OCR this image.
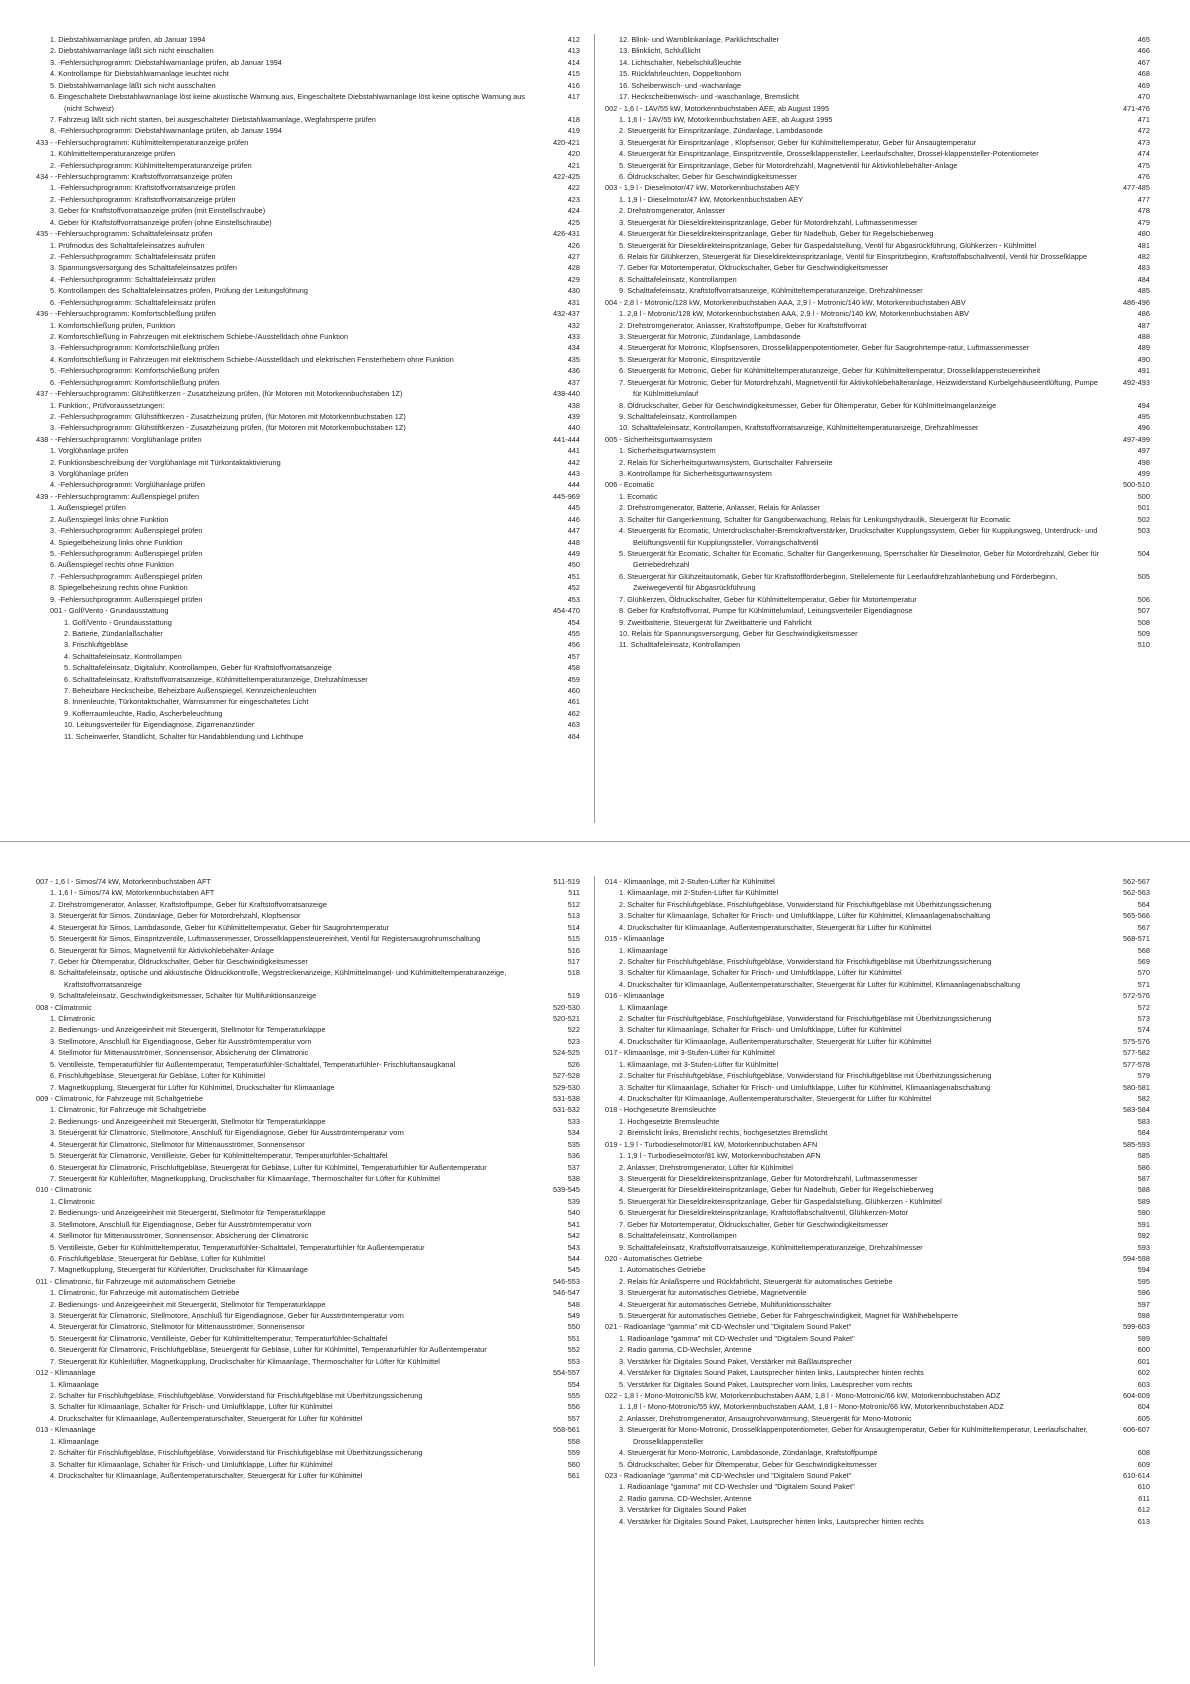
1. Diebstahlwarnanlage prüfen, ab Januar 1994	412
2. Diebstahlwarnanlage läßt sich nicht einschalten	413
3. -Fehlersuchprogramm: Diebstahlwarnanlage prüfen, ab Januar 1994	414
4. Kontrollampe für Diebstahlwarnanlage leuchtet nicht	415
5. Diebstahlwarnanlage läßt sich nicht ausschalten	416
6. Eingeschaltete Diebstahlwarnanlage löst keine akustische Warnung aus, Eingeschaltete Diebstahlwarnanlage löst keine optische Warnung aus (nicht Schweiz)
417
7. Fahrzeug läßt sich nicht starten, bei ausgeschalteter Diebstahlwarnanlage, Wegfahrsperre prüfen	418
8. -Fehlersuchprogramm: Diebstahlwarnanlage prüfen, ab Januar 1994	419
433 - -Fehlersuchprogramm: Kühlmitteltemperaturanzeige prüfen	420-421
1. Kühlmitteltemperaturanzeige prüfen	420
2. -Fehlersuchprogramm: Kühlmitteltemperaturanzeige prüfen	421
434 - -Fehlersuchprogramm: Kraftstoffvorratsanzeige prüfen	422-425
1. -Fehlersuchprogramm: Kraftstoffvorratsanzeige prüfen	422
2. -Fehlersuchprogramm: Kraftstoffvorratsanzeige prüfen	423
3. Geber für Kraftstoffvorratsanzeige prüfen (mit Einstellschraube)	424
4. Geber für Kraftstoffvorratsanzeige prüfen (ohne Einstellschraube)	425
435 - -Fehlersuchprogramm: Schalttafeleinsatz prüfen	426-431
1. Prüfmodus des Schalttafeleinsatzes aufrufen	426
2. -Fehlersuchprogramm: Schalttafeleinsatz prüfen	427
3. Spannungsversorgung des Schalttafeleinsatzes prüfen	428
4. -Fehlersuchprogramm: Schalttafeleinsatz prüfen	429
5. Kontrollampen des Schalttafeleinsatzes prüfen, Prüfung der Leitungsführung	430
6. -Fehlersuchprogramm: Schalttafeleinsatz prüfen	431
436 - -Fehlersuchprogramm: Komfortschließung prüfen	432-437
1. Komfortschließung prüfen, Funktion	432
2. Komfortschließung in Fahrzeugen mit elektrischem Schiebe-/Ausstelldach ohne Funktion	433
3. -Fehlersuchprogramm: Komfortschließung prüfen	434
4. Komfortschließung in Fahrzeugen mit elektrischem Schiebe-/Ausstelldach und elektrischen Fensterhebern ohne Funktion	435
5. -Fehlersuchprogramm: Komfortschließung prüfen	436
6. -Fehlersuchprogramm: Komfortschließung prüfen	437
437 - -Fehlersuchprogramm: Glühstiftkerzen - Zusatzheizung prüfen, (für Motoren mit Motorkennbuchstaben 1Z)	438-440
1. Funktion:, Prüfvoraussetzungen:	438
2. -Fehlersuchprogramm: Glühstiftkerzen - Zusatzheizung prüfen, (für Motoren mit Motorkennbuchstaben 1Z)	439
3. -Fehlersuchprogramm: Glühstiftkerzen - Zusatzheizung prüfen, (für Motoren mit Motorkennbuchstaben 1Z)	440
438 - -Fehlersuchprogramm: Vorglühanlage prüfen	441-444
1. Vorglühanlage prüfen	441
2. Funktionsbeschreibung der Vorglühanlage mit Türkontaktaktivierung	442
3. Vorglühanlage prüfen	443
4. -Fehlersuchprogramm: Vorglühanlage prüfen	444
439 - -Fehlersuchprogramm: Außenspiegel prüfen	445-969
1. Außenspiegel prüfen	445
2. Außenspiegel links ohne Funktion	446
3. -Fehlersuchprogramm: Außenspiegel prüfen	447
4. Spiegelbeheizung links ohne Funktion	448
5. -Fehlersuchprogramm: Außenspiegel prüfen	449
6. Außenspiegel rechts ohne Funktion	450
7. -Fehlersuchprogramm: Außenspiegel prüfen	451
8. Spiegelbeheizung rechts ohne Funktion	452
9. -Fehlersuchprogramm: Außenspiegel prüfen	453
001 - Golf/Vento - Grundausstattung	454-470
1. Golf/Vento - Grundausstattung	454
2. Batterie, Zündanlaßschalter	455
3. Frischluftgebläse	456
4. Schalttafeleinsatz, Kontrollampen	457
5. Schalttafeleinsatz, Digitaluhr, Kontrollampen, Geber für Kraftstoffvorratsanzeige	458
6. Schalttafeleinsatz, Kraftstoffvorratsanzeige, Kühlmitteltemperaturanzeige, Drehzahlmesser	459
7. Beheizbare Heckscheibe, Beheizbare Außenspiegel, Kennzeichenleuchten	460
8. Innenleuchte, Türkontaktschalter, Warnsummer für eingeschaltetes Licht	461
9. Kofferraumleuchte, Radio, Ascherbeleuchtung	462
10. Leitungsverteiler für Eigendiagnose, Zigarrenanzünder	463
11. Scheinwerfer, Standlicht, Schalter für Handabblendung und Lichthupe	464
12. Blink- und Warnblinkanlage, Parklichtschalter	465
13. Blinklicht, Schlußlicht	466
14. Lichtschalter, Nebelschlußleuchte	467
15. Rückfahrleuchten, Doppeltonhorn	468
16. Scheibenwisch- und -wachanlage	469
17. Heckscheibenwisch- und -waschanlage, Bremslicht	470
002 - 1,6 l - 1AV/55 kW, Motorkennbuchstaben AEE, ab August 1995	471-476
1. 1,6 l - 1AV/55 kW, Motorkennbuchstaben AEE, ab August 1995	471
2. Steuergerät für Einspritzanlage, Zündanlage, Lambdasonde	472
3. Steuergerät für Einspritzanlage , Klopfsensor, Geber für Kühlmitteltemperatur, Geber für Ansaugtemperatur	473
4. Steuergerät für Einspritzanlage, Einspritzventile, Drosselklappensteller, Leerlaufschalter, Drossel-klappensteller-Potentiometer	474
5. Steuergerät für Einspritzanlage, Geber für Motordrehzahl, Magnetventil für Aktivkohlebehälter-Anlage	475
6. Öldruckschalter, Geber für Geschwindigkeitsmesser	476
003 - 1,9 l - Dieselmotor/47 kW, Motorkennbuchstaben AEY	477-485
1. 1,9 l - Dieselmotor/47 kW, Motorkennbuchstaben AEY	477
2. Drehstromgenerator, Anlasser	478
3. Steuergerät für Dieseldirekteinspritzanlage, Geber für Motordrehzahl, Luftmassenmesser	479
4. Steuergerät für Dieseldirekteinspritzanlage, Geber für Nadelhub, Geber für Regelschieberweg	480
5. Steuergerät für Dieseldirekteinspritzanlage, Geber für Gaspedalstellung, Ventil für Abgasrückführung, Glühkerzen - Kühlmittel	481
6. Relais für Glühkerzen, Steuergerät für Dieseldirekteinspritzanlage, Ventil für Einspritzbeginn, Kraftstoffabschaltventil, Ventil für Drosselklappe	482
7. Geber für Motortemperatur, Öldruckschalter, Geber für Geschwindigkeitsmesser	483
8. Schalttafeleinsatz, Kontrollampen	484
9. Schalttafeleinsatz, Kraftstoffvorratsanzeige, Kühlmitteltemperaturanzeige, Drehzahlmesser	485
004 - 2,8 l - Motronic/128 kW, Motorkennbuchstaben AAA, 2,9 l - Motronic/140 kW, Motorkennbuchstaben ABV	486-496
1. 2,8 l - Motronic/128 kW, Motorkennbuchstaben AAA, 2,9 l - Motronic/140 kW, Motorkennbuchstaben ABV	486
2. Drehstromgenerator, Anlasser, Kraftstoffpumpe, Geber für Kraftstoffvorrat	487
3. Steuergerät für Motronic, Zündanlage, Lambdasonde	488
4. Steuergerät für Motronic, Klopfsensoren, Drosselklappenpotentiometer, Geber für Saugrohrtempe-ratur, Luftmassenmesser	489
5. Steuergerät für Motronic, Einspritzventile	490
6. Steuergerät für Motronic, Geber für Kühlmitteltemperaturanzeige, Geber für Kühlmitteltemperatur, Drosselklappensteuereinheit	491
7. Steuergerät für Motronic, Geber für Motordrehzahl, Magnetventil für Aktivkohlebehälteranlage, Heizwiderstand Kurbelgehäuseentlüftung, Pumpe für Kühlmittelumlauf
492-493
8. Öldruckschalter, Geber für Geschwindigkeitsmesser, Geber für Öltemperatur, Geber für Kühlmittelmangelanzeige	494
9. Schalttafeleinsatz, Kontrollampen	495
10. Schalttafeleinsatz, Kontrollampen, Kraftstoffvorratsanzeige, Kühlmitteltemperaturanzeige, Drehzahlmesser	496
005 - Sicherheitsgurtwarnsystem	497-499
1. Sicherheitsgurtwarnsystem	497
2. Relais für Sicherheitsgurtwarnsystem, Gurtschalter Fahrerseite	498
3. Kontrollampe für Sicherheitsgurtwarnsystem	499
006 - Ecomatic	500-510
1. Ecomatic	500
2. Drehstromgenerator, Batterie, Anlasser, Relais für Anlasser	501
3. Schalter für Gangerkennung, Schalter für Gangüberwachung, Relais für Lenkungshydraulik, Steuergerät für Ecomatic	502
4. Steuergerät für Ecomatic, Unterdruckschalter-Bremskraftverstärker, Druckschalter Kupplungssystem, Geber für Kupplungsweg, Unterdruck- und Belüftungsventil für Kupplungssteller, Vorrangschaltventil
503
5. Steuergerät für Ecomatic, Schalter für Ecomatic, Schalter für Gangerkennung, Sperrschalter für Dieselmotor, Geber für Motordrehzahl, Geber für Getriebedrehzahl
504
6. Steuergerät für Glühzeitautomatik, Geber für Kraftstoffförderbeginn, Stellelemente für Leerlaufdrehzahlanhebung und Förderbeginn, Zweiwegeventil für Abgasrückführung
505
7. Glühkerzen, Öldruckschalter, Geber für Kühlmitteltemperatur, Geber für Motortemperatur	506
8. Geber für Kraftstoffvorrat, Pumpe für Kühlmittelumlauf, Leitungsverteiler Eigendiagnose	507
9. Zweitbatterie, Steuergerät für Zweitbatterie und Fahrlicht	508
10. Relais für Spannungsversorgung, Geber für Geschwindigkeitsmesser	509
11. Schalttafeleinsatz, Kontrollampen	510
007 - 1,6 l - Simos/74 kW, Motorkennbuchstaben AFT	511-519
1. 1,6 l - Simos/74 kW, Motorkennbuchstaben AFT	511
2. Drehstromgenerator, Anlasser, Kraftstoffpumpe, Geber für Kraftstoffvorratsanzeige	512
3. Steuergerät für Simos, Zündanlage, Geber für Motordrehzahl, Klopfsensor	513
4. Steuergerät für Simos, Lambdasonde, Geber für Kühlmitteltemperatur, Geber für Saugrohrtemperatur	514
5. Steuergerät für Simos, Einspritzventile, Luftmassenmesser, Drosselklappensteuereinheit, Ventil für Registersaugrohrumschaltung	515
6. Steuergerät für Simos, Magnetventil für Aktivkohlebehälter-Anlage	516
7. Geber für Öltemperatur, Öldruckschalter, Geber für Geschwindigkeitsmesser	517
8. Schalttafeleinsatz, optische und akkustische Öldruckkontrolle, Wegstreckenanzeige, Kühlmittelmangel- und Kühlmitteltemperaturanzeige, Kraftstoffvorratsanzeige
518
9. Schalttafeleinsatz, Geschwindigkeitsmesser, Schalter für Multifunktionsanzeige	519
008 - Climatronic	520-530
1. Climatronic	520-521
2. Bedienungs- und Anzeigeeinheit mit Steuergerät, Stellmotor für Temperaturklappe	522
3. Stellmotore, Anschluß für Eigendiagnose, Geber für Ausströmtemperatur vorn	523
4. Stellmotor für Mittenausströmer, Sonnensensor, Absicherung der Climatronic	524-525
5. Ventilleiste, Temperaturfühler für Außentemperatur, Temperaturfühler-Schalttafel, Temperaturfühler- Frischluftansaugkanal	526
6. Frischluftgebläse, Steuergerät für Gebläse, Lüfter für Kühlmittel	527-528
7. Magnetkupplung, Steuergerät für Lüfter für Kühlmittel, Druckschalter für Klimaanlage	529-530
009 - Climatronic, für Fahrzeuge mit Schaltgetriebe	531-538
1. Climatronic, für Fahrzeuge mit Schaltgetriebe	531-532
2. Bedienungs- und Anzeigeeinheit mit Steuergerät, Stellmotor für Temperaturklappe	533
3. Steuergerät für Climatronic, Stellmotore, Anschluß für Eigendiagnose, Geber für Ausströmtemperatur vorn	534
4. Steuergerät für Climatronic, Stellmotor für Mittenausströmer, Sonnensensor	535
5. Steuergerät für Climatronic, Ventilleiste, Geber für Kühlmitteltemperatur, Temperaturfühler-Schalttafel	536
6. Steuergerät für Climatronic, Frischluftgebläse, Steuergerät für Gebläse, Lüfter für Kühlmittel, Temperaturfühler für Außentemperatur	537
7. Steuergerät für Kühlerlüfter, Magnetkupplung, Druckschalter für Klimaanlage, Thermoschalter für Lüfter für Kühlmittel	538
010 - Climatronic	539-545
1. Climatronic	539
2. Bedienungs- und Anzeigeeinheit mit Steuergerät, Stellmotor für Temperaturklappe	540
3. Stellmotore, Anschluß für Eigendiagnose, Geber für Ausströmtemperatur vorn	541
4. Stellmotor für Mittenausströmer, Sonnensensor, Absicherung der Climatronic	542
5. Ventilleiste, Geber für Kühlmitteltemperatur, Temperaturfühler-Schalttafel, Temperaturfühler für Außentemperatur	543
6. Frischluftgebläse, Steuergerät für Gebläse, Lüfter für Kühlmittel	544
7. Magnetkupplung, Steuergerät für Kühlerlüfter, Druckschalter für Klimaanlage	545
011 - Climatronic, für Fahrzeuge mit automatischem Getriebe	546-553
1. Climatronic, für Fahrzeuge mit automatischem Getriebe	546-547
2. Bedienungs- und Anzeigeeinheit mit Steuergerät, Stellmotor für Temperaturklappe	548
3. Steuergerät für Climatronic, Stellmotore, Anschluß für Eigendiagnose, Geber für Ausströmtemperatur vorn	549
4. Steuergerät für Climatronic, Stellmotor für Mittenausströmer, Sonnensensor	550
5. Steuergerät für Climatronic, Ventilleiste, Geber für Kühlmitteltemperatur, Temperaturfühler-Schalttafel	551
6. Steuergerät für Climatronic, Frischluftgebläse, Steuergerät für Gebläse, Lüfter für Kühlmittel, Temperaturfühler für Außentemperatur	552
7. Steuergerät für Kühlerlüfter, Magnetkupplung, Druckschalter für Klimaanlage, Thermoschalter für Lüfter für Kühlmittel	553
012 - Klimaanlage	554-557
1. Klimaanlage	554
2. Schalter für Frischluftgebläse, Frischluftgebläse, Vorwiderstand für Frischluftgebläse mit Überhitzungssicherung	555
3. Schalter für Klimaanlage, Schalter für Frisch- und Umluftklappe, Lüfter für Kühlmittel	556
4. Druckschalter für Klimaanlage, Außentemperaturschalter, Steuergerät für Lüfter für Kühlmittel	557
013 - Klimaanlage	558-561
1. Klimaanlage	558
2. Schalter für Frischluftgebläse, Frischluftgebläse, Vorwiderstand für Frischluftgebläse mit Überhitzungssicherung	559
3. Schalter für Klimaanlage, Schalter für Frisch- und Umluftklappe, Lüfter für Kühlmittel	560
4. Druckschalter für Klimaanlage, Außentemperaturschalter, Steuergerät für Lüfter für Kühlmittel	561
014 - Klimaanlage, mit 2-Stufen-Lüfter für Kühlmittel	562-567
1. Klimaanlage, mit 2-Stufen-Lüfter für Kühlmittel	562-563
2. Schalter für Frischluftgebläse, Frischluftgebläse, Vorwiderstand für Frischluftgebläse mit Überhitzungssicherung	564
3. Schalter für Klimaanlage, Schalter für Frisch- und Umluftklappe, Lüfter für Kühlmittel, Klimaanlagenabschaltung	565-566
4. Druckschalter für Klimaanlage, Außentemperaturschalter, Steuergerät für Lüfter für Kühlmittel	567
015 - Klimaanlage	568-571
1. Klimaanlage	568
2. Schalter für Frischluftgebläse, Frischluftgebläse, Vorwiderstand für Frischluftgebläse mit Überhitzungssicherung	569
3. Schalter für Klimaanlage, Schalter für Frisch- und Umluftklappe, Lüfter für Kühlmittel	570
4. Druckschalter für Klimaanlage, Außentemperaturschalter, Steuergerät für Lüfter für Kühlmittel, Klimaanlagenabschaltung	571
016 - Klimaanlage	572-576
1. Klimaanlage	572
2. Schalter für Frischluftgebläse, Frischluftgebläse, Vorwiderstand für Frischluftgebläse mit Überhitzungssicherung	573
3. Schalter für Klimaanlage, Schalter für Frisch- und Umluftklappe, Lüfter für Kühlmittel	574
4. Druckschalter für Klimaanlage, Außentemperaturschalter, Steuergerät für Lüfter für Kühlmittel	575-576
017 - Klimaanlage, mit 3-Stufen-Lüfter für Kühlmittel	577-582
1. Klimaanlage, mit 3-Stufen-Lüfter für Kühlmittel	577-578
2. Schalter für Frischluftgebläse, Frischluftgebläse, Vorwiderstand für Frischluftgebläse mit Überhitzungssicherung	579
3. Schalter für Klimaanlage, Schalter für Frisch- und Umluftklappe, Lüfter für Kühlmittel, Klimaanlagenabschaltung	580-581
4. Druckschalter für Klimaanlage, Außentemperaturschalter, Steuergerät für Lüfter für Kühlmittel	582
018 - Hochgesetzte Bremsleuchte	583-584
1. Hochgesetzte Bremsleuchte	583
2. Bremslicht links, Bremslicht rechts, hochgesetztes Bremslicht	584
019 - 1,9 l - Turbodieselmotor/81 kW, Motorkennbuchstaben AFN	585-593
1. 1,9 l - Turbodieselmotor/81 kW, Motorkennbuchstaben AFN	585
2. Anlasser, Drehstromgenerator, Lüfter für Kühlmittel	586
3. Steuergerät für Dieseldirekteinspritzanlage, Geber für Motordrehzahl, Luftmassenmesser	587
4. Steuergerät für Dieseldirekteinspritzanlage, Geber für Nadelhub, Geber für Regelschieberweg	588
5. Steuergerät für Dieseldirekteinspritzanlage, Geber für Gaspedalstellung, Glühkerzen - Kühlmittel	589
6. Steuergerät für Dieseldirekteinspritzanlage, Kraftstoffabschaltventil, Glühkerzen-Motor	590
7. Geber für Motortemperatur, Öldruckschalter, Geber für Geschwindigkeitsmesser	591
8. Schalttafeleinsatz, Kontrollampen	592
9. Schalttafeleinsatz, Kraftstoffvorratsanzeige, Kühlmitteltemperaturanzeige, Drehzahlmesser	593
020 - Automatisches Getriebe	594-598
1. Automatisches Getriebe	594
2. Relais für Anlaßsperre und Rückfahrlicht, Steuergerät für automatisches Getriebe	595
3. Steuergerät für automatisches Getriebe, Magnetventile	596
4. Steuergerät für automatisches Getriebe, Multifunktionsschalter	597
5. Steuergerät für automatisches Getriebe, Geber für Fahrgeschwindigkeit, Magnet für Wählhebelsperre	598
021 - Radioanlage "gamma" mit CD-Wechsler und "Digitalem Sound Paket"	599-603
1. Radioanlage "gamma" mit CD-Wechsler und "Digitalem Sound Paket"	599
2. Radio gamma, CD-Wechsler, Antenne	600
3. Verstärker für Digitales Sound Paket, Verstärker mit Baßlautsprecher	601
4. Verstärker für Digitales Sound Paket, Lautsprecher hinten links, Lautsprecher hinten rechts	602
5. Verstärker für Digitales Sound Paket, Lautsprecher vorn links, Lautsprecher vorn rechts	603
022 - 1,8 l - Mono-Motronic/55 kW, Motorkennbuchstaben AAM, 1,8 l - Mono-Motronic/66 kW, Motorkennbuchstaben ADZ	604-609
1. 1,8 l - Mono-Motronic/55 kW, Motorkennbuchstaben AAM, 1,8 l - Mono-Motronic/66 kW, Motorkennbuchstaben ADZ	604
2. Anlasser, Drehstromgenerator, Ansaugrohrvorwärmung, Steuergerät für Mono-Motronic	605
3. Steuergerät für Mono-Motronic, Drosselklappenpotentiometer, Geber für Ansaugtemperatur, Geber für Kühlmitteltemperatur, Leerlaufschalter, Drosselklappensteller
606-607
4. Steuergerät für Mono-Motronic, Lambdasonde, Zündanlage, Kraftstoffpumpe	608
5. Öldruckschalter, Geber für Öltemperatur, Geber für Geschwindigkeitsmesser	609
023 - Radioanlage "gamma" mit CD-Wechsler und "Digitalem Sound Paket"	610-614
1. Radioanlage "gamma" mit CD-Wechsler und "Digitalem Sound Paket"	610
2. Radio gamma, CD-Wechsler, Antenne	611
3. Verstärker für Digitales Sound Paket	612
4. Verstärker für Digitales Sound Paket, Lautsprecher hinten links, Lautsprecher hinten rechts	613
